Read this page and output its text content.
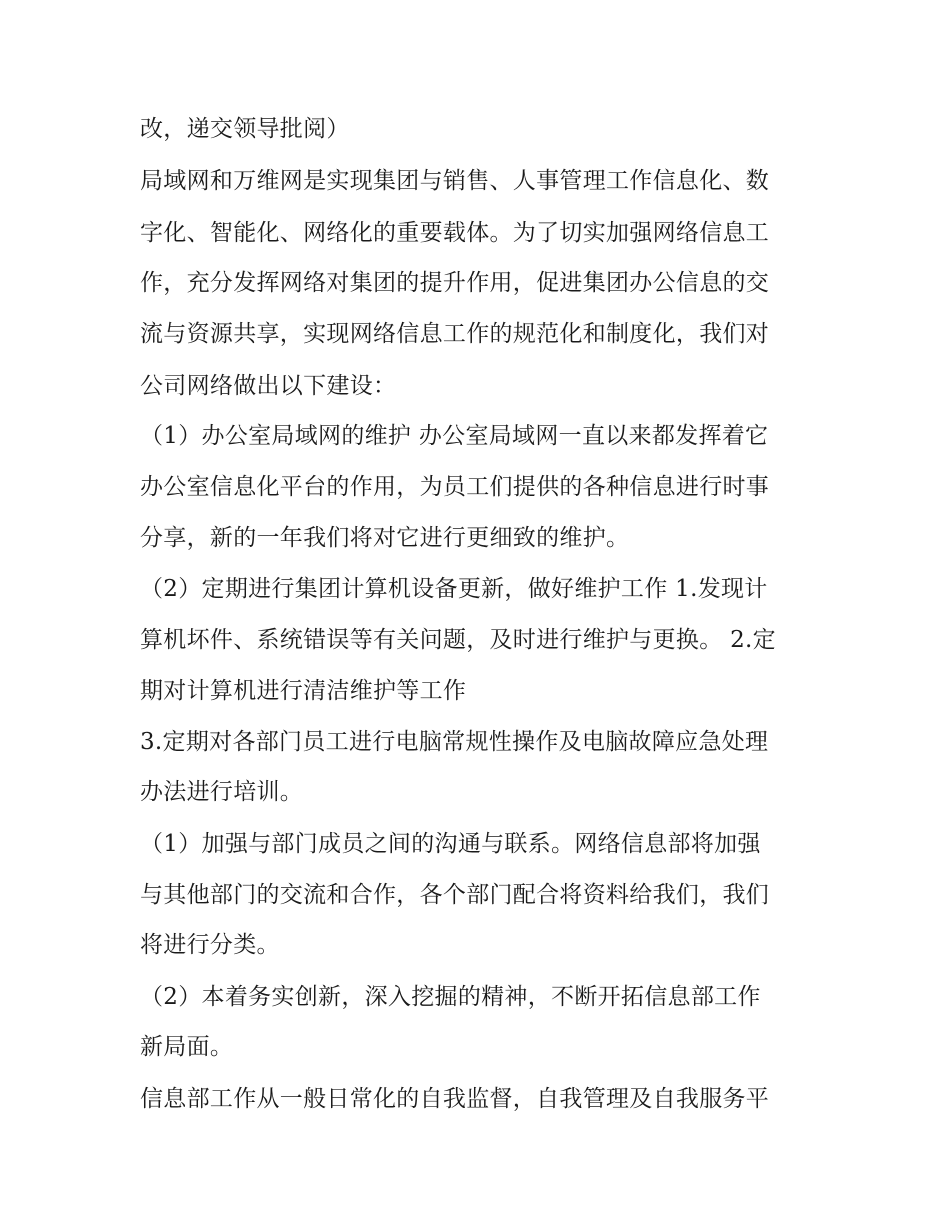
改，递交领导批阅）

局域网和万维网是实现集团与销售、人事管理工作信息化、数

字化、智能化、网络化的重要载体。为了切实加强网络信息工

作，充分发挥网络对集团的提升作用，促进集团办公信息的交

流与资源共享，实现网络信息工作的规范化和制度化，我们对

公司网络做出以下建设：

（1）办公室局域网的维护 办公室局域网一直以来都发挥着它

办公室信息化平台的作用，为员工们提供的各种信息进行时事

分享，新的一年我们将对它进行更细致的维护。

（2）定期进行集团计算机设备更新，做好维护工作 1.发现计

算机坏件、系统错误等有关问题，及时进行维护与更换。 2.定

期对计算机进行清洁维护等工作

3.定期对各部门员工进行电脑常规性操作及电脑故障应急处理

办法进行培训。

（1）加强与部门成员之间的沟通与联系。网络信息部将加强

与其他部门的交流和合作，各个部门配合将资料给我们，我们

将进行分类。

（2）本着务实创新，深入挖掘的精神，不断开拓信息部工作

新局面。

信息部工作从一般日常化的自我监督，自我管理及自我服务平
